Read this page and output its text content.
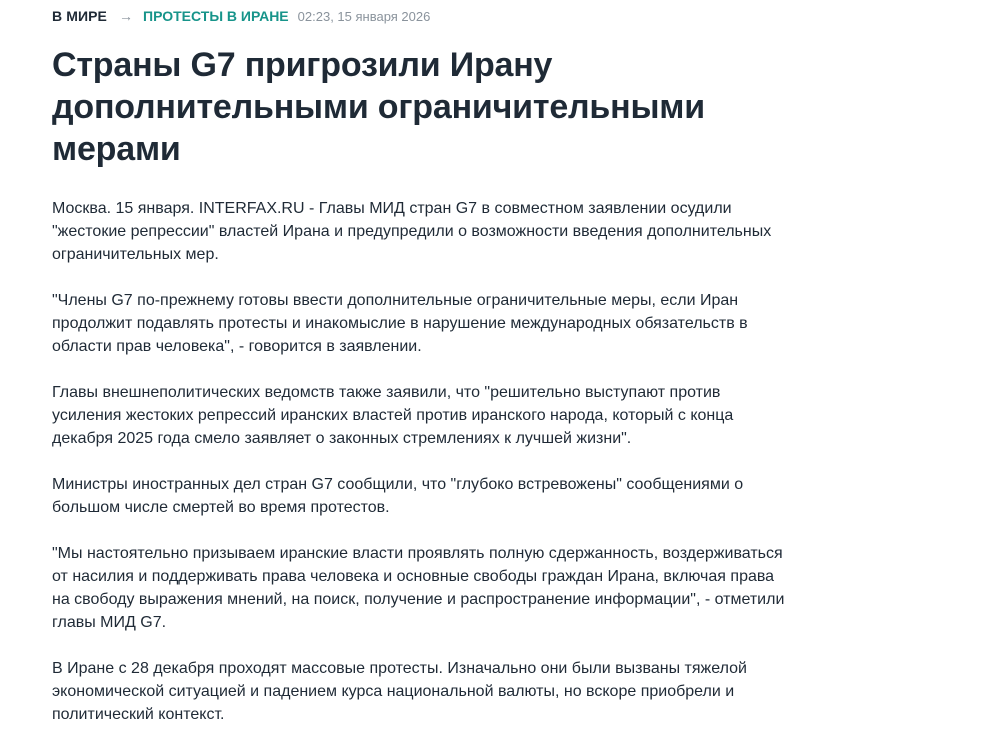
В МИРЕ → ПРОТЕСТЫ В ИРАНЕ 02:23, 15 января 2026
Страны G7 пригрозили Ирану дополнительными ограничительными мерами

Москва. 15 января. INTERFAX.RU - Главы МИД стран G7 в совместном заявлении осудили "жестокие репрессии" властей Ирана и предупредили о возможности введения дополнительных ограничительных мер.

"Члены G7 по-прежнему готовы ввести дополнительные ограничительные меры, если Иран продолжит подавлять протесты и инакомыслие в нарушение международных обязательств в области прав человека", - говорится в заявлении.

Главы внешнеполитических ведомств также заявили, что "решительно выступают против усиления жестоких репрессий иранских властей против иранского народа, который с конца декабря 2025 года смело заявляет о законных стремлениях к лучшей жизни".

Министры иностранных дел стран G7 сообщили, что "глубоко встревожены" сообщениями о большом числе смертей во время протестов.

"Мы настоятельно призываем иранские власти проявлять полную сдержанность, воздерживаться от насилия и поддерживать права человека и основные свободы граждан Ирана, включая права на свободу выражения мнений, на поиск, получение и распространение информации", - отметили главы МИД G7.

В Иране с 28 декабря проходят массовые протесты. Изначально они были вызваны тяжелой экономической ситуацией и падением курса национальной валюты, но вскоре приобрели и политический контекст.
